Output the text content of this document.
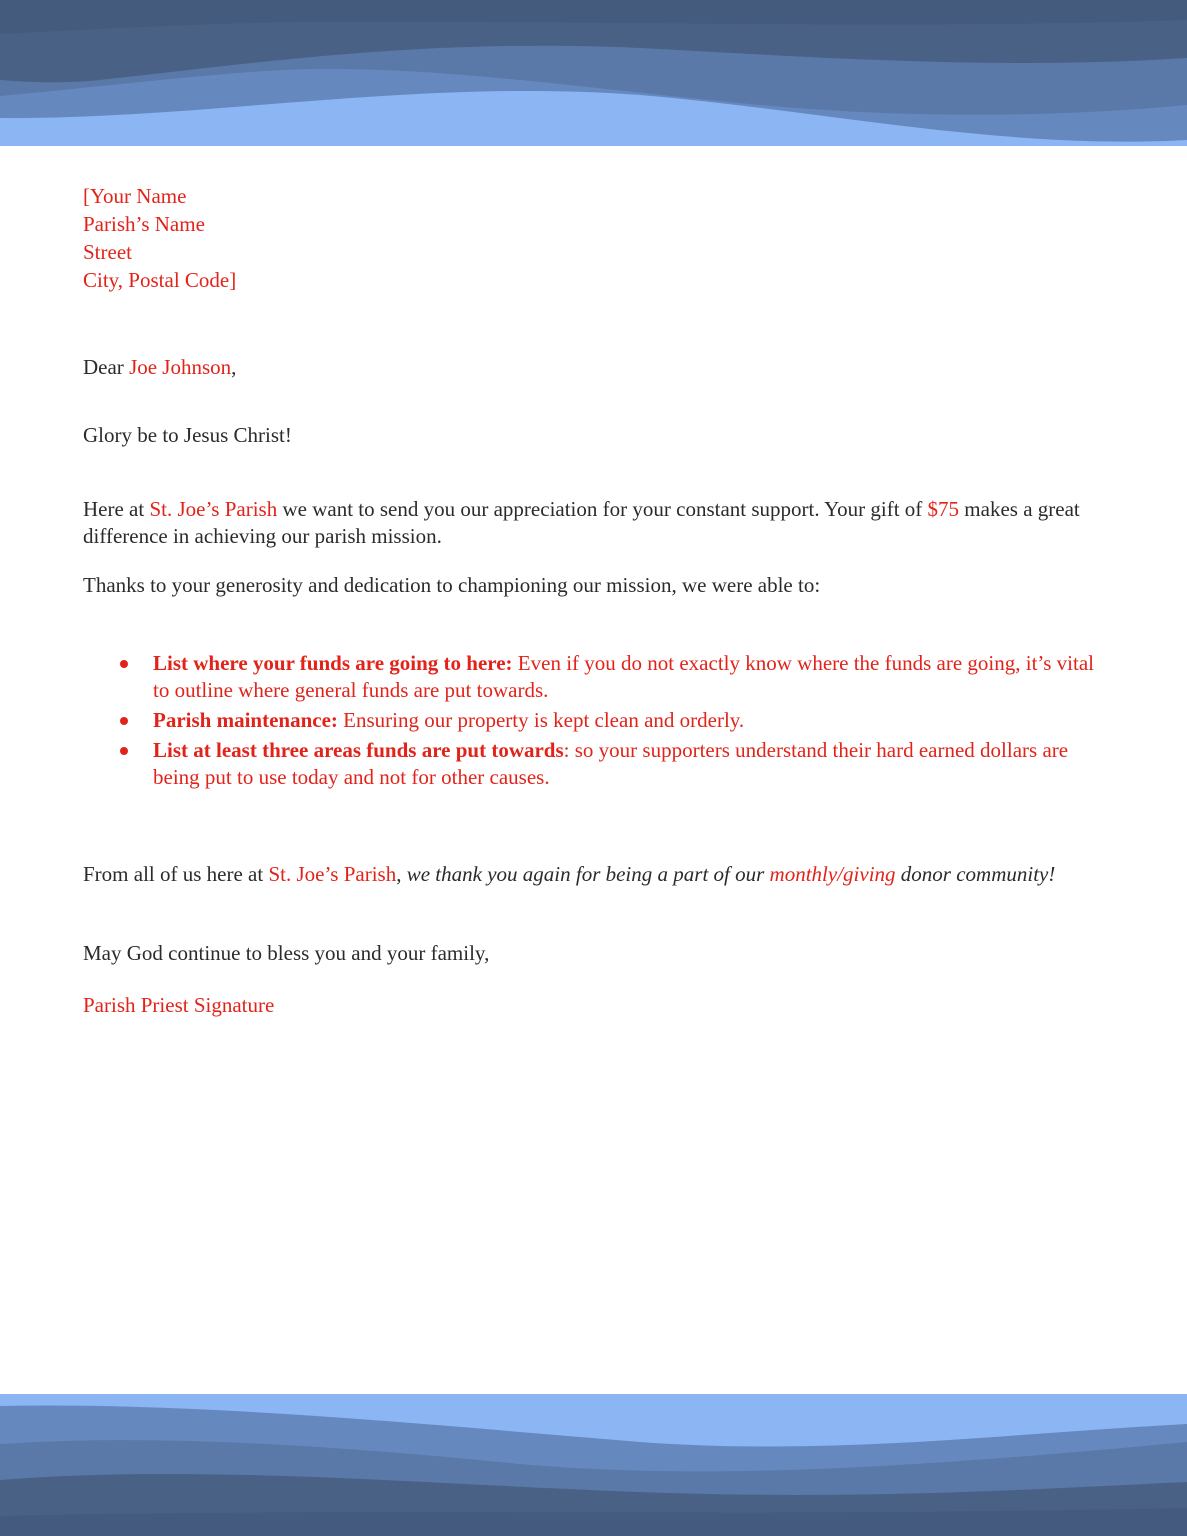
[Your Name
Parish’s Name
Street
City, Postal Code]
Dear Joe Johnson,
Glory be to Jesus Christ!
Here at St. Joe’s Parish we want to send you our appreciation for your constant support. Your gift of $75 makes a great difference in achieving our parish mission.
Thanks to your generosity and dedication to championing our mission, we were able to:
List where your funds are going to here: Even if you do not exactly know where the funds are going, it’s vital to outline where general funds are put towards.
Parish maintenance: Ensuring our property is kept clean and orderly.
List at least three areas funds are put towards: so your supporters understand their hard earned dollars are being put to use today and not for other causes.
From all of us here at St. Joe’s Parish, we thank you again for being a part of our monthly/giving donor community!
May God continue to bless you and your family,
Parish Priest Signature
